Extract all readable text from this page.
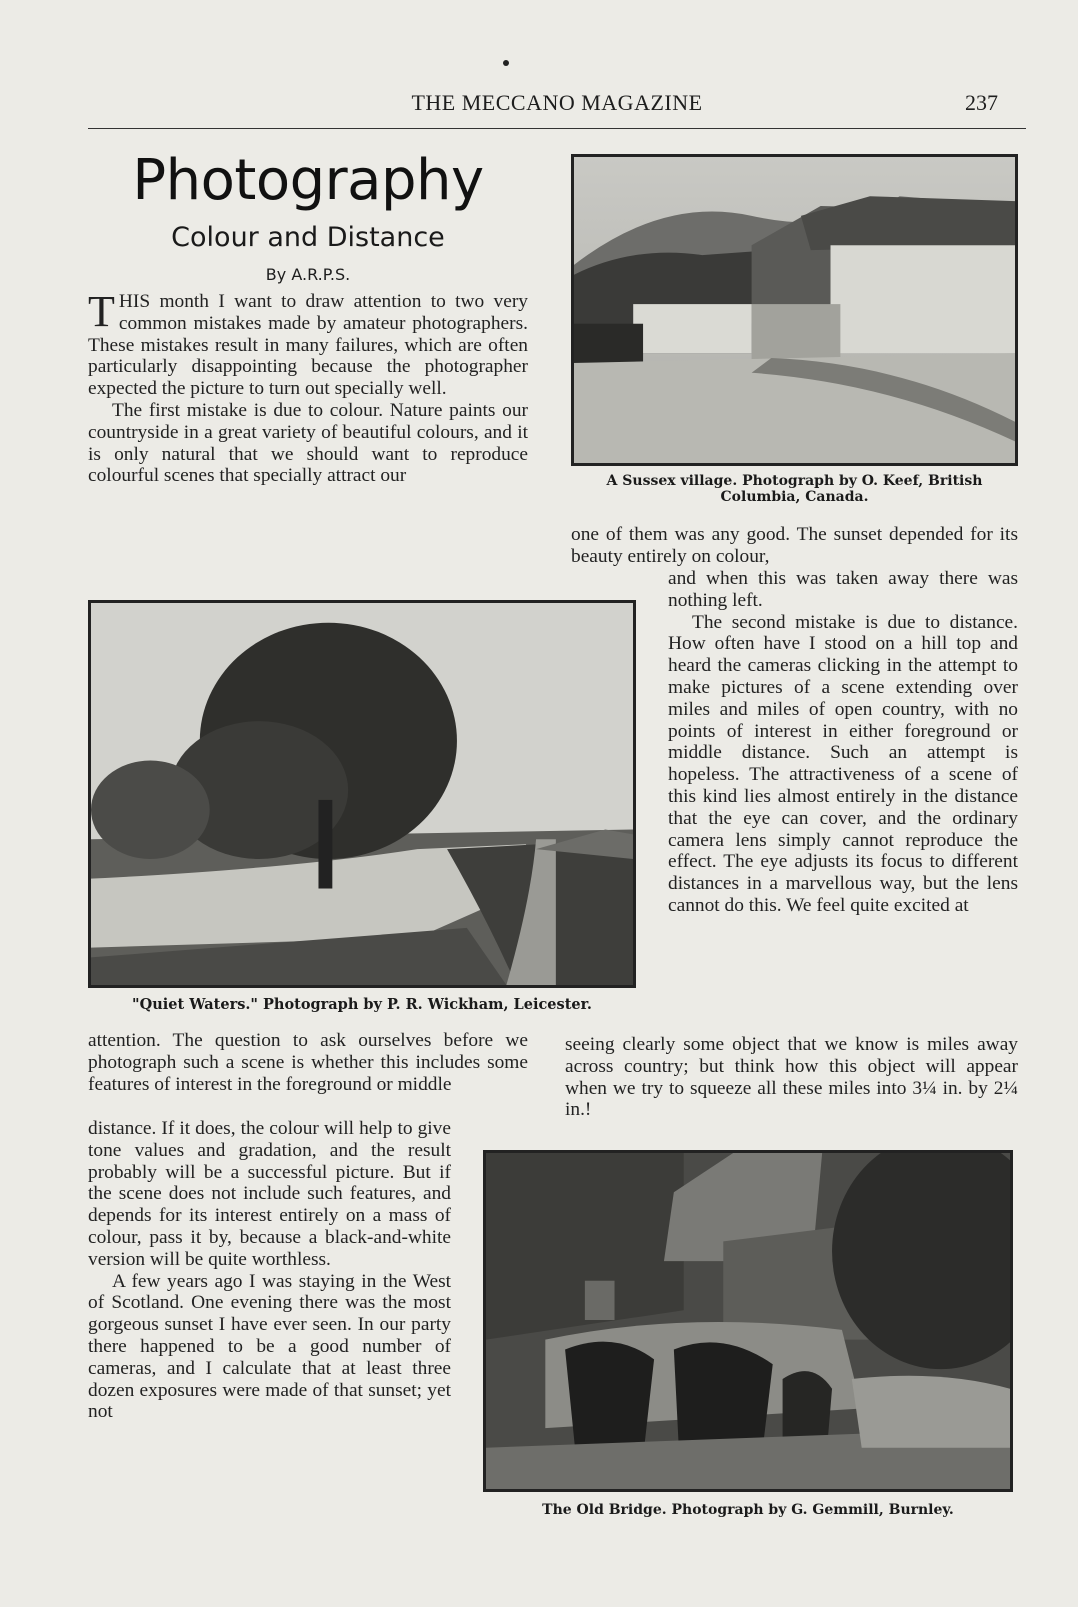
THE MECCANO MAGAZINE	237
Photography
Colour and Distance
By A.R.P.S.

THIS month I want to draw attention to two very common mistakes made by amateur photographers. These mistakes result in many failures, which are often particularly disappointing because the photographer expected the picture to turn out specially well.

The first mistake is due to colour. Nature paints our countryside in a great variety of beautiful colours, and it is only natural that we should want to reproduce colourful scenes that specially attract our	A Sussex village. Photograph by O. Keef, British Columbia, Canada.

one of them was any good. The sunset depended for its beauty entirely on colour,

and when this was taken away there was nothing left.

The second mistake is due to distance. How often have I stood on a hill top and heard the cameras clicking in the attempt to make pictures of a scene extending over miles and miles of open country, with no points of interest in either foreground or middle distance. Such an attempt is hopeless. The attractiveness of a scene of this kind lies almost entirely in the distance that the eye can cover, and the ordinary camera lens simply cannot reproduce the effect. The eye adjusts its focus to different distances in a marvellous way, but the lens cannot do this. We feel quite excited at

"Quiet Waters." Photograph by P. R. Wickham, Leicester.

attention. The question to ask ourselves before we photograph such a scene is whether this includes some features of interest in the foreground or middle

distance. If it does, the colour will help to give tone values and gradation, and the result probably will be a successful picture. But if the scene does not include such features, and depends for its interest entirely on a mass of colour, pass it by, because a black-and-white version will be quite worthless.

A few years ago I was staying in the West of Scotland. One evening there was the most gorgeous sunset I have ever seen. In our party there happened to be a good number of cameras, and I calculate that at least three dozen exposures were made of that sunset; yet not

seeing clearly some object that we know is miles away across country; but think how this object will appear when we try to squeeze all these miles into 3¼ in. by 2¼ in.!

The Old Bridge. Photograph by G. Gemmill, Burnley.
